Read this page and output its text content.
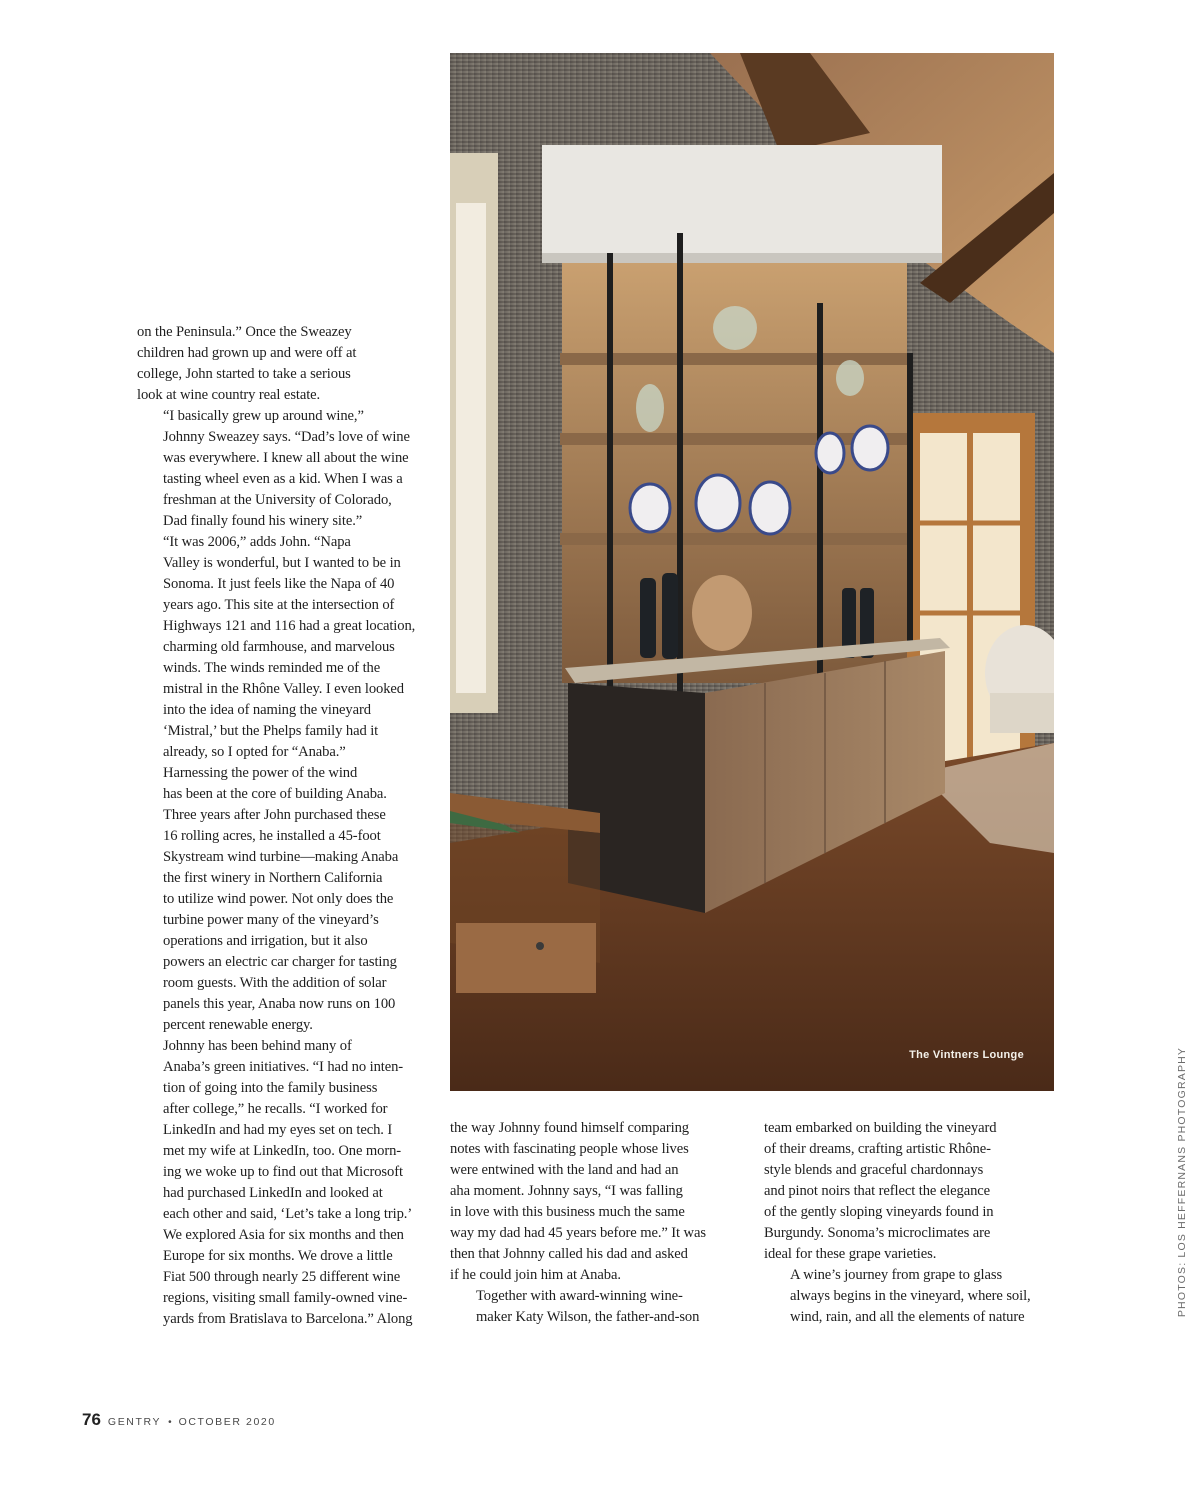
on the Peninsula.” Once the Sweazey
children had grown up and were off at
college, John started to take a serious
look at wine country real estate.

“I basically grew up around wine,”
Johnny Sweazey says. “Dad’s love of wine
was everywhere. I knew all about the wine
tasting wheel even as a kid. When I was a
freshman at the University of Colorado,
Dad finally found his winery site.”

“It was 2006,” adds John. “Napa
Valley is wonderful, but I wanted to be in
Sonoma. It just feels like the Napa of 40
years ago. This site at the intersection of
Highways 121 and 116 had a great location,
charming old farmhouse, and marvelous
winds. The winds reminded me of the
mistral in the Rhône Valley. I even looked
into the idea of naming the vineyard
‘Mistral,’ but the Phelps family had it
already, so I opted for “Anaba.”

Harnessing the power of the wind
has been at the core of building Anaba.
Three years after John purchased these
16 rolling acres, he installed a 45-foot
Skystream wind turbine—making Anaba
the first winery in Northern California
to utilize wind power. Not only does the
turbine power many of the vineyard’s
operations and irrigation, but it also
powers an electric car charger for tasting
room guests. With the addition of solar
panels this year, Anaba now runs on 100
percent renewable energy.

Johnny has been behind many of
Anaba’s green initiatives. “I had no inten-
tion of going into the family business
after college,” he recalls. “I worked for
LinkedIn and had my eyes set on tech. I
met my wife at LinkedIn, too. One morn-
ing we woke up to find out that Microsoft
had purchased LinkedIn and looked at
each other and said, ‘Let’s take a long trip.’
We explored Asia for six months and then
Europe for six months. We drove a little
Fiat 500 through nearly 25 different wine
regions, visiting small family-owned vine-
yards from Bratislava to Barcelona.” Along

the way Johnny found himself comparing
notes with fascinating people whose lives
were entwined with the land and had an
aha moment. Johnny says, “I was falling
in love with this business much the same
way my dad had 45 years before me.” It was
then that Johnny called his dad and asked
if he could join him at Anaba.

Together with award-winning wine-
maker Katy Wilson, the father-and-son

team embarked on building the vineyard
of their dreams, crafting artistic Rhône-
style blends and graceful chardonnays
and pinot noirs that reflect the elegance
of the gently sloping vineyards found in
Burgundy. Sonoma’s microclimates are
ideal for these grape varieties.

A wine’s journey from grape to glass
always begins in the vineyard, where soil,
wind, rain, and all the elements of nature

The Vintners Lounge	PHOTOS: LOS HEFFERNANS PHOTOGRAPHY
76 GENTRY • OCTOBER 2020
